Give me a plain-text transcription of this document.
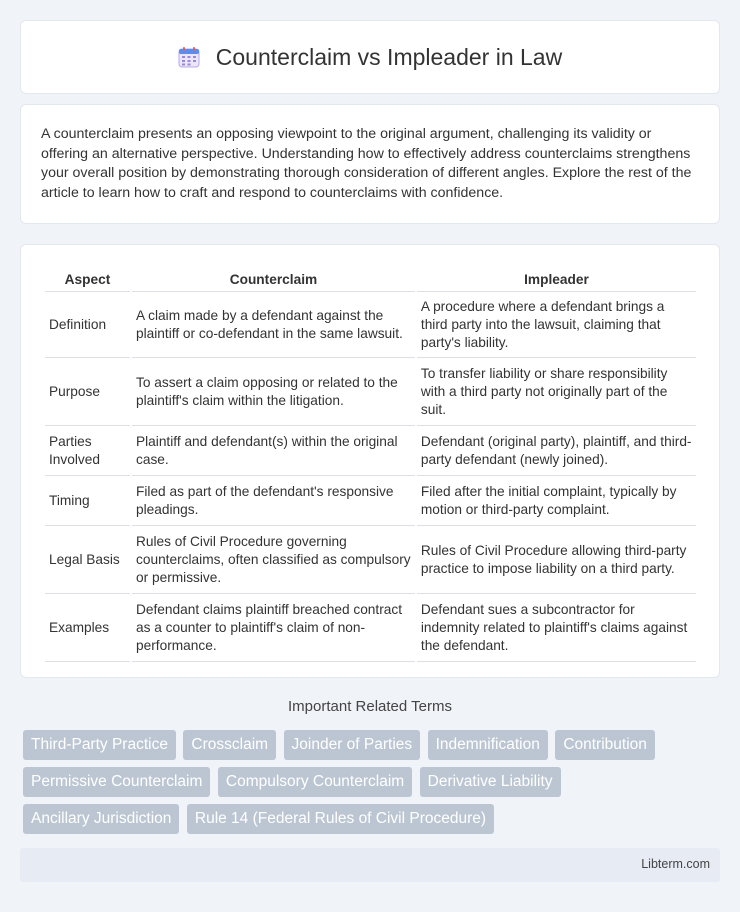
Counterclaim vs Impleader in Law

A counterclaim presents an opposing viewpoint to the original argument, challenging its validity or offering an alternative perspective. Understanding how to effectively address counterclaims strengthens your overall position by demonstrating thorough consideration of different angles. Explore the rest of the article to learn how to craft and respond to counterclaims with confidence.

Aspect	Counterclaim	Impleader
Definition	A claim made by a defendant against the plaintiff or co-defendant in the same lawsuit.	A procedure where a defendant brings a third party into the lawsuit, claiming that party's liability.
Purpose	To assert a claim opposing or related to the plaintiff's claim within the litigation.	To transfer liability or share responsibility with a third party not originally part of the suit.
Parties Involved	Plaintiff and defendant(s) within the original case.	Defendant (original party), plaintiff, and third-party defendant (newly joined).
Timing	Filed as part of the defendant's responsive pleadings.	Filed after the initial complaint, typically by motion or third-party complaint.
Legal Basis	Rules of Civil Procedure governing counterclaims, often classified as compulsory or permissive.	Rules of Civil Procedure allowing third-party practice to impose liability on a third party.
Examples	Defendant claims plaintiff breached contract as a counter to plaintiff's claim of non-performance.	Defendant sues a subcontractor for indemnity related to plaintiff's claims against the defendant.
Important Related Terms
Third-Party Practice Crossclaim Joinder of Parties Indemnification Contribution Permissive Counterclaim Compulsory Counterclaim Derivative Liability Ancillary Jurisdiction Rule 14 (Federal Rules of Civil Procedure)
Libterm.com
